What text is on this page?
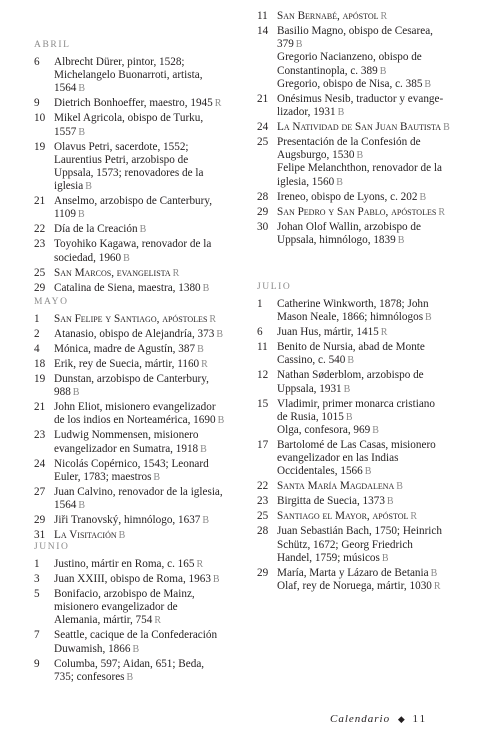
ABRIL
6	Albrecht Dürer, pintor, 1528;
Michelangelo Buonarroti, artista,
1564 B
9	Dietrich Bonhoeffer, maestro, 1945 R
10 Mikel Agricola, obispo de Turku,
1557 B
19 Olavus Petri, sacerdote, 1552;
Laurentius Petri, arzobispo de
Uppsala, 1573; renovadores de la
iglesia B
21 Anselmo, arzobispo de Canterbury,
1109 B
22 Día de la Creación B
23 Toyohiko Kagawa, renovador de la
sociedad, 1960 B
25 San Marcos, evangelista R
29 Catalina de Siena, maestra, 1380 B
MAYO
1	San Felipe y Santiago, apóstoles R
2	Atanasio, obispo de Alejandría, 373 B
4	Mónica, madre de Agustín, 387 B
18 Erik, rey de Suecia, mártir, 1160 R
19 Dunstan, arzobispo de Canterbury,
988 B
21 John Eliot, misionero evangelizador
de los indios en Norteamérica, 1690 B
23 Ludwig Nommensen, misionero
evangelizador en Sumatra, 1918 B
24 Nicolás Copérnico, 1543; Leonard
Euler, 1783; maestros B
27 Juan Calvino, renovador de la iglesia,
1564 B
29 Jiři Tranovský, himnólogo, 1637 B
31 La Visitación B
JUNIO
1	Justino, mártir en Roma, c. 165 R
3	Juan XXIII, obispo de Roma, 1963 B
5	Bonifacio, arzobispo de Mainz,
misionero evangelizador de
Alemania, mártir, 754 R
7	Seattle, cacique de la Confederación
Duwamish, 1866 B
9	Columba, 597; Aidan, 651; Beda,
735; confesores B
11 San Bernabé, apóstol R
14 Basilio Magno, obispo de Cesarea,
379 B
Gregorio Nacianzeno, obispo de
Constantinopla, c. 389 B
Gregorio, obispo de Nisa, c. 385 B
21 Onésimus Nesib, traductor y evange-
lizador, 1931 B
24 La Natividad de San Juan Bautista B
25 Presentación de la Confesión de
Augsburgo, 1530 B
Felipe Melanchthon, renovador de la
iglesia, 1560 B
28 Ireneo, obispo de Lyons, c. 202 B
29 San Pedro y San Pablo, apóstoles R
30 Johan Olof Wallin, arzobispo de
Uppsala, himnólogo, 1839 B
JULIO
1	Catherine Winkworth, 1878; John
Mason Neale, 1866; himnólogos B
6	Juan Hus, mártir, 1415 R
11 Benito de Nursia, abad de Monte
Cassino, c. 540 B
12 Nathan Søderblom, arzobispo de
Uppsala, 1931 B
15 Vladimir, primer monarca cristiano
de Rusia, 1015 B
Olga, confesora, 969 B
17 Bartolomé de Las Casas, misionero
evangelizador en las Indias
Occidentales, 1566 B
22 Santa María Magdalena B
23 Birgitta de Suecia, 1373 B
25 Santiago el Mayor, apóstol R
28 Juan Sebastián Bach, 1750; Heinrich
Schütz, 1672; Georg Friedrich
Handel, 1759; músicos B
29 María, Marta y Lázaro de Betania B
Olaf, rey de Noruega, mártir, 1030 R
Calendario ◆ 11
